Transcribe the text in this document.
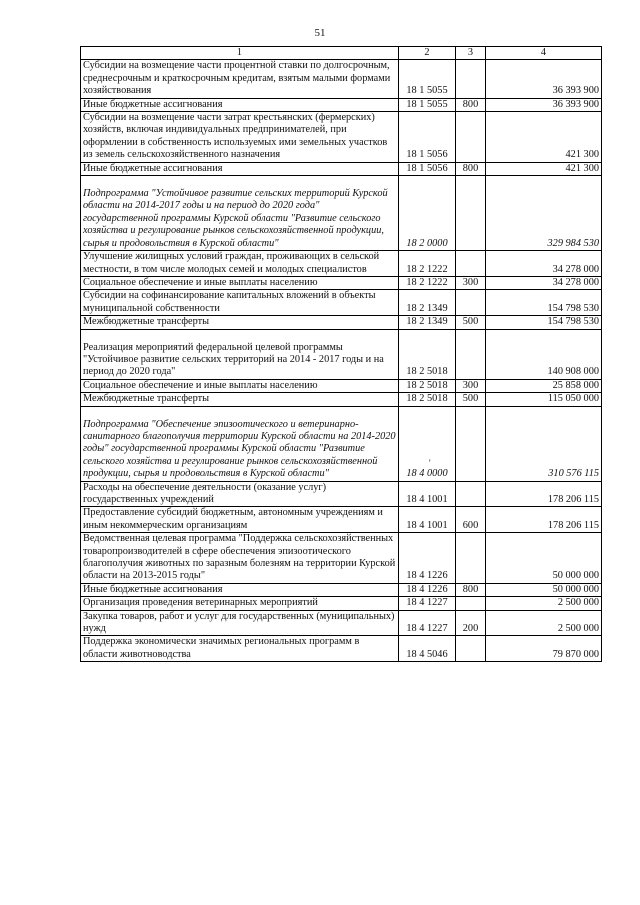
51
1	2	3	4
Субсидии на возмещение части процентной ставки по долгосрочным, среднесрочным и краткосрочным кредитам, взятым малыми формами хозяйствования	18 1 5055		36 393 900
Иные бюджетные ассигнования	18 1 5055	800	36 393 900
Субсидии на возмещение части затрат крестьянских (фермерских) хозяйств, включая индивидуальных предпринимателей, при оформлении в собственность используемых ими земельных участков из земель сельскохозяйственного назначения	18 1 5056		421 300
Иные бюджетные ассигнования	18 1 5056	800	421 300

Подпрограмма "Устойчивое развитие сельских территорий Курской области на 2014-2017 годы и на период до 2020 года" государственной программы Курской области "Развитие сельского хозяйства и регулирование рынков сельскохозяйственной продукции, сырья и продовольствия в Курской области"	18 2 0000		329 984 530
Улучшение жилищных условий граждан, проживающих в сельской местности, в том числе молодых семей и молодых специалистов	18 2 1222		34 278 000
Социальное обеспечение и иные выплаты населению	18 2 1222	300	34 278 000
Субсидии на софинансирование капитальных вложений в объекты муниципальной собственности	18 2 1349		154 798 530
Межбюджетные трансферты	18 2 1349	500	154 798 530

Реализация мероприятий федеральной целевой программы "Устойчивое развитие сельских территорий на 2014 - 2017 годы и на период до 2020 года"	18 2 5018		140 908 000
Социальное обеспечение и иные выплаты населению	18 2 5018	300	25 858 000
Межбюджетные трансферты	18 2 5018	500	115 050 000

Подпрограмма "Обеспечение эпизоотического и ветеринарно-санитарного благополучия территории Курской области на 2014-2020 годы" государственной программы Курской области "Развитие сельского хозяйства и регулирование рынков сельскохозяйственной продукции, сырья и продовольствия в Курской области"	18 4 0000		310 576 115
Расходы на обеспечение деятельности (оказание услуг) государственных учреждений	18 4 1001		178 206 115
Предоставление субсидий бюджетным, автономным учреждениям и иным некоммерческим организациям	18 4 1001	600	178 206 115
Ведомственная целевая программа "Поддержка сельскохозяйственных товаропроизводителей в сфере обеспечения эпизоотического благополучия животных по заразным болезням на территории Курской области на 2013-2015 годы"	18 4 1226		50 000 000
Иные бюджетные ассигнования	18 4 1226	800	50 000 000
Организация проведения ветеринарных мероприятий	18 4 1227		2 500 000
Закупка товаров, работ и услуг для государственных (муниципальных) нужд	18 4 1227	200	2 500 000
Поддержка экономически значимых региональных программ в области животноводства	18 4 5046		79 870 000
'
